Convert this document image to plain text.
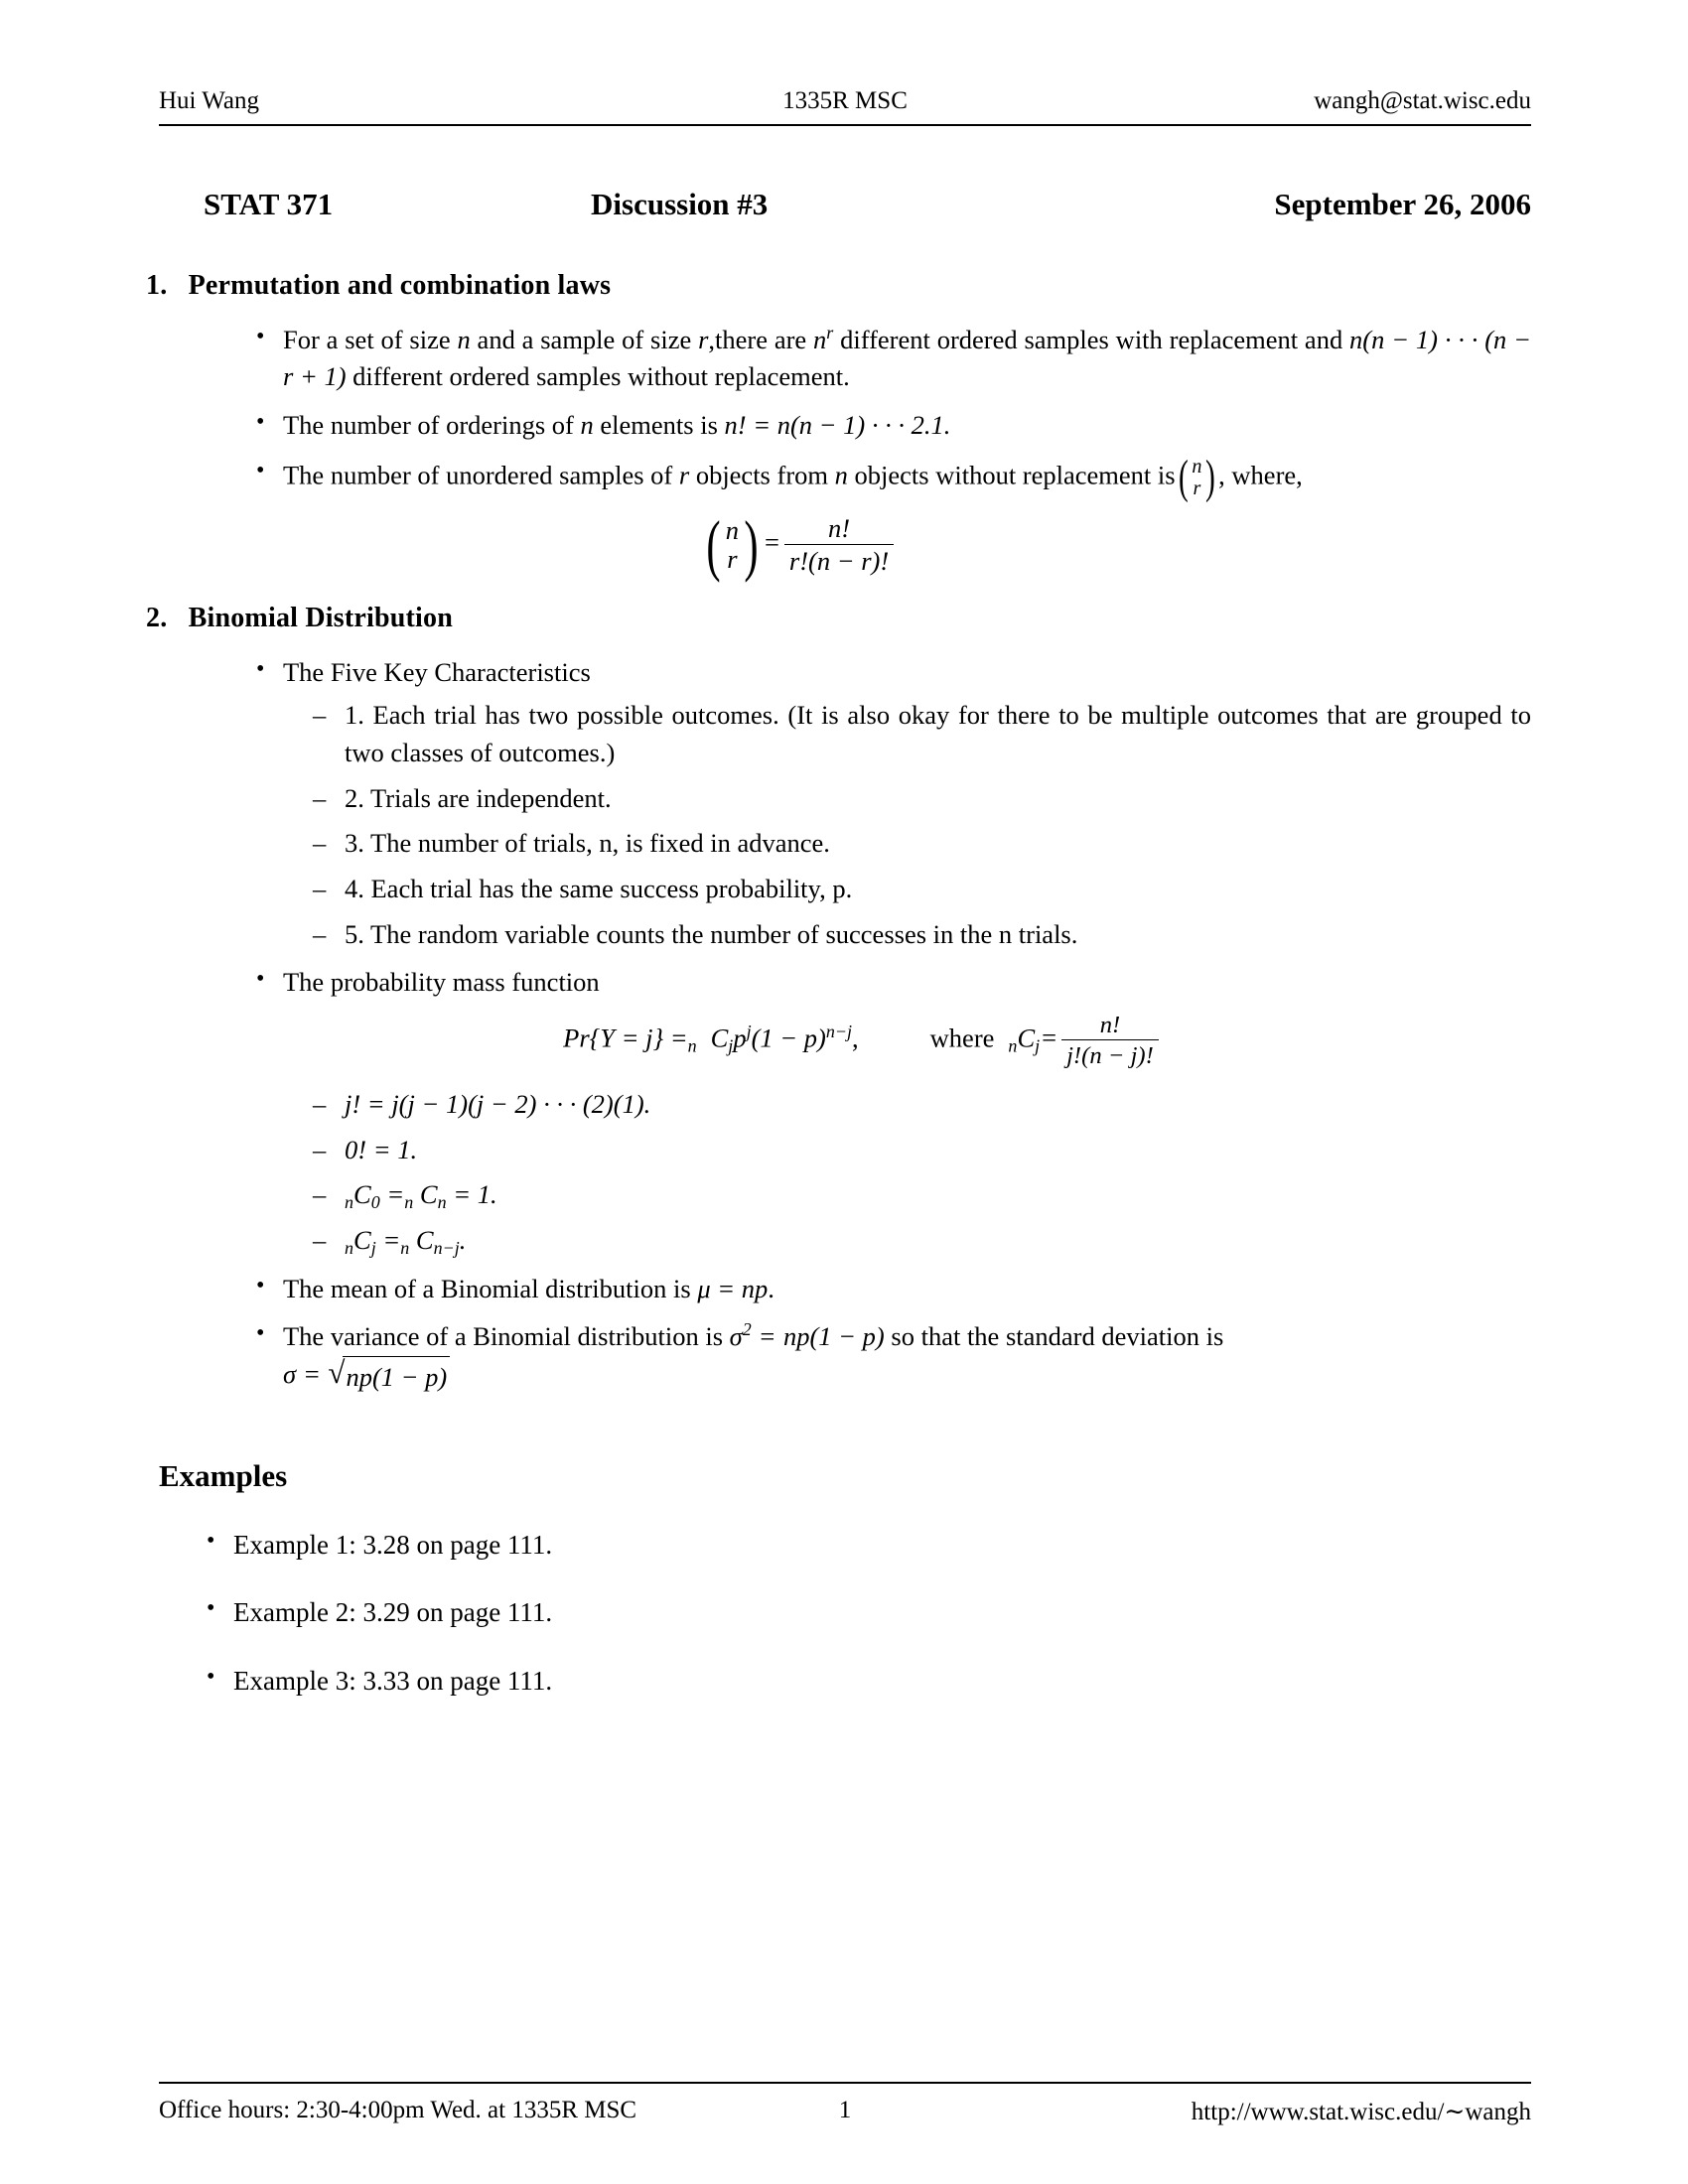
Hui Wang	1335R MSC	wangh@stat.wisc.edu
STAT 371	Discussion #3	September 26, 2006
1. Permutation and combination laws
• For a set of size n and a sample of size r,there are $n^r$ different ordered samples with replacement and n(n − 1) · · · (n − r + 1) different ordered samples without replacement.
• The number of orderings of n elements is n! = n(n − 1) · · · 2.1.
• The number of unordered samples of r objects from n objects without replacement is ( n
r ) , where,
( n
r ) = $\frac{n!}{r!(n - r)!}$
2. Binomial Distribution
• The Five Key Characteristics
– 1. Each trial has two possible outcomes. (It is also okay for there to be multiple outcomes that are grouped to two classes of outcomes.)
– 2. Trials are independent.
– 3. The number of trials, n, is fixed in advance.
– 4. Each trial has the same success probability, p.
– 5. The random variable counts the number of successes in the n trials.
• The probability mass function
$Pr\{Y = j\} =_n$ $C_jp^j(1 - p)^{n-j}$,	where $_nC_j= \frac{n!}{j!(n - j)!}$
– j! = j(j − 1)(j − 2) · · · (2)(1).
– 0! = 1.
– $_nC_0 =_n$ $C_n = 1$.
– $_nC_j =_n$ $C_{n-j}$.
• The mean of a Binomial distribution is μ = np.
• The variance of a Binomial distribution is $\sigma^2 = np(1 - p)$ so that the standard deviation is
σ = √ np(1 − p)
Examples
• Example 1: 3.28 on page 111.
• Example 2: 3.29 on page 111.
• Example 3: 3.33 on page 111.
Office hours: 2:30-4:00pm Wed. at 1335R MSC	1	http://www.stat.wisc.edu/∼wangh
